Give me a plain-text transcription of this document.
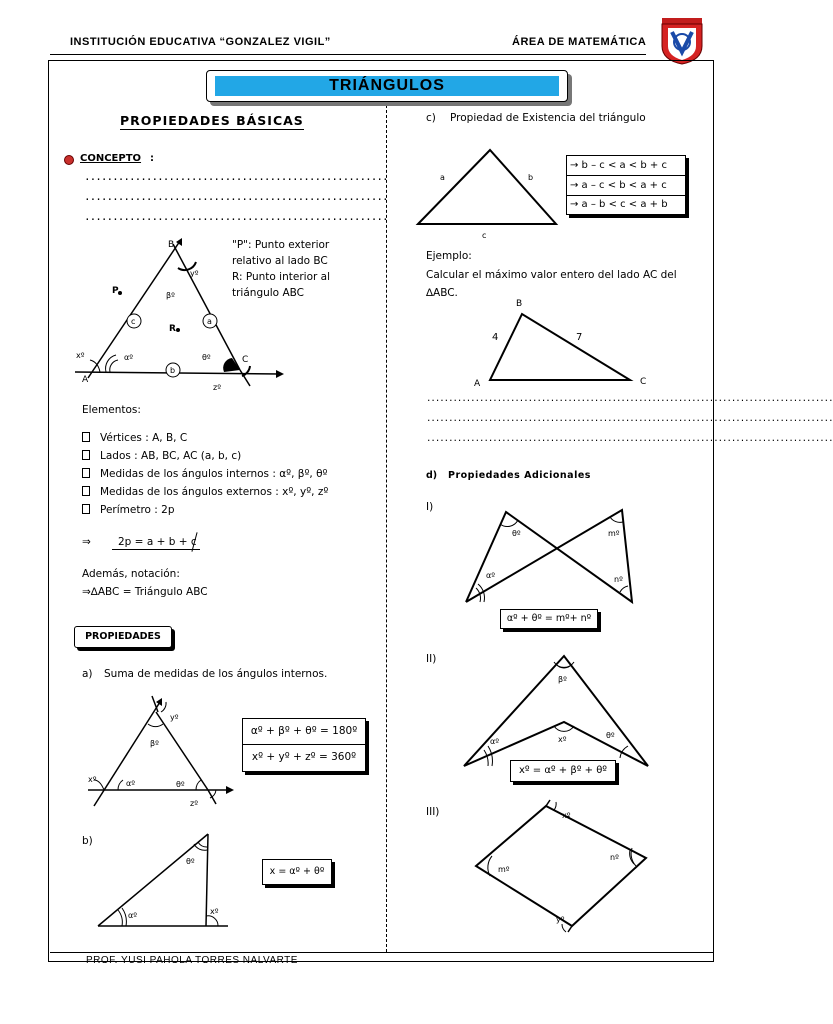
INSTITUCIÓN EDUCATIVA “GONZALEZ VIGIL”	ÁREA DE MATEMÁTICA
TRIÁNGULOS
PROPIEDADES BÁSICAS
CONCEPTO :
......................................................
......................................................
......................................................
B
A
C
P
R
c	a
b
xº
yº
zº
αº
βº
θº
"P": Punto exterior
relativo al lado BC
R: Punto interior al
triángulo ABC
Elementos:
Vértices : A, B, C
Lados : AB, BC, AC (a, b, c)
Medidas de los ángulos internos : αº, βº, θº
Medidas de los ángulos externos : xº, yº, zº
Perímetro : 2p
⇒	2p = a + b + c
Además, notación:
⇒∆ABC = Triángulo ABC
PROPIEDADES
a) Suma de medidas de los ángulos internos.
yº
βº
xº	αº	θº
zº
αº + βº + θº = 180º
xº + yº + zº = 360º
b)
θº
αº	xº
x = αº + θº
c) Propiedad de Existencia del triángulo
a	b
c
→ b – c < a < b + c
→ a – c < b < a + c
→ a – b < c < a + b
Ejemplo:
Calcular el máximo valor entero del lado AC del
∆ABC.
B
A	C
4	7
............................................................................................
............................................................................................
............................................................................................
d) Propiedades Adicionales
I)
θº	mº
αº	nº
αº + θº = mº+ nº
II)
βº
αº	xº	θº
xº = αº + βº + θº
III)	xº
nº
mº
yº
PROF. YUSI PAHOLA TORRES NALVARTE
